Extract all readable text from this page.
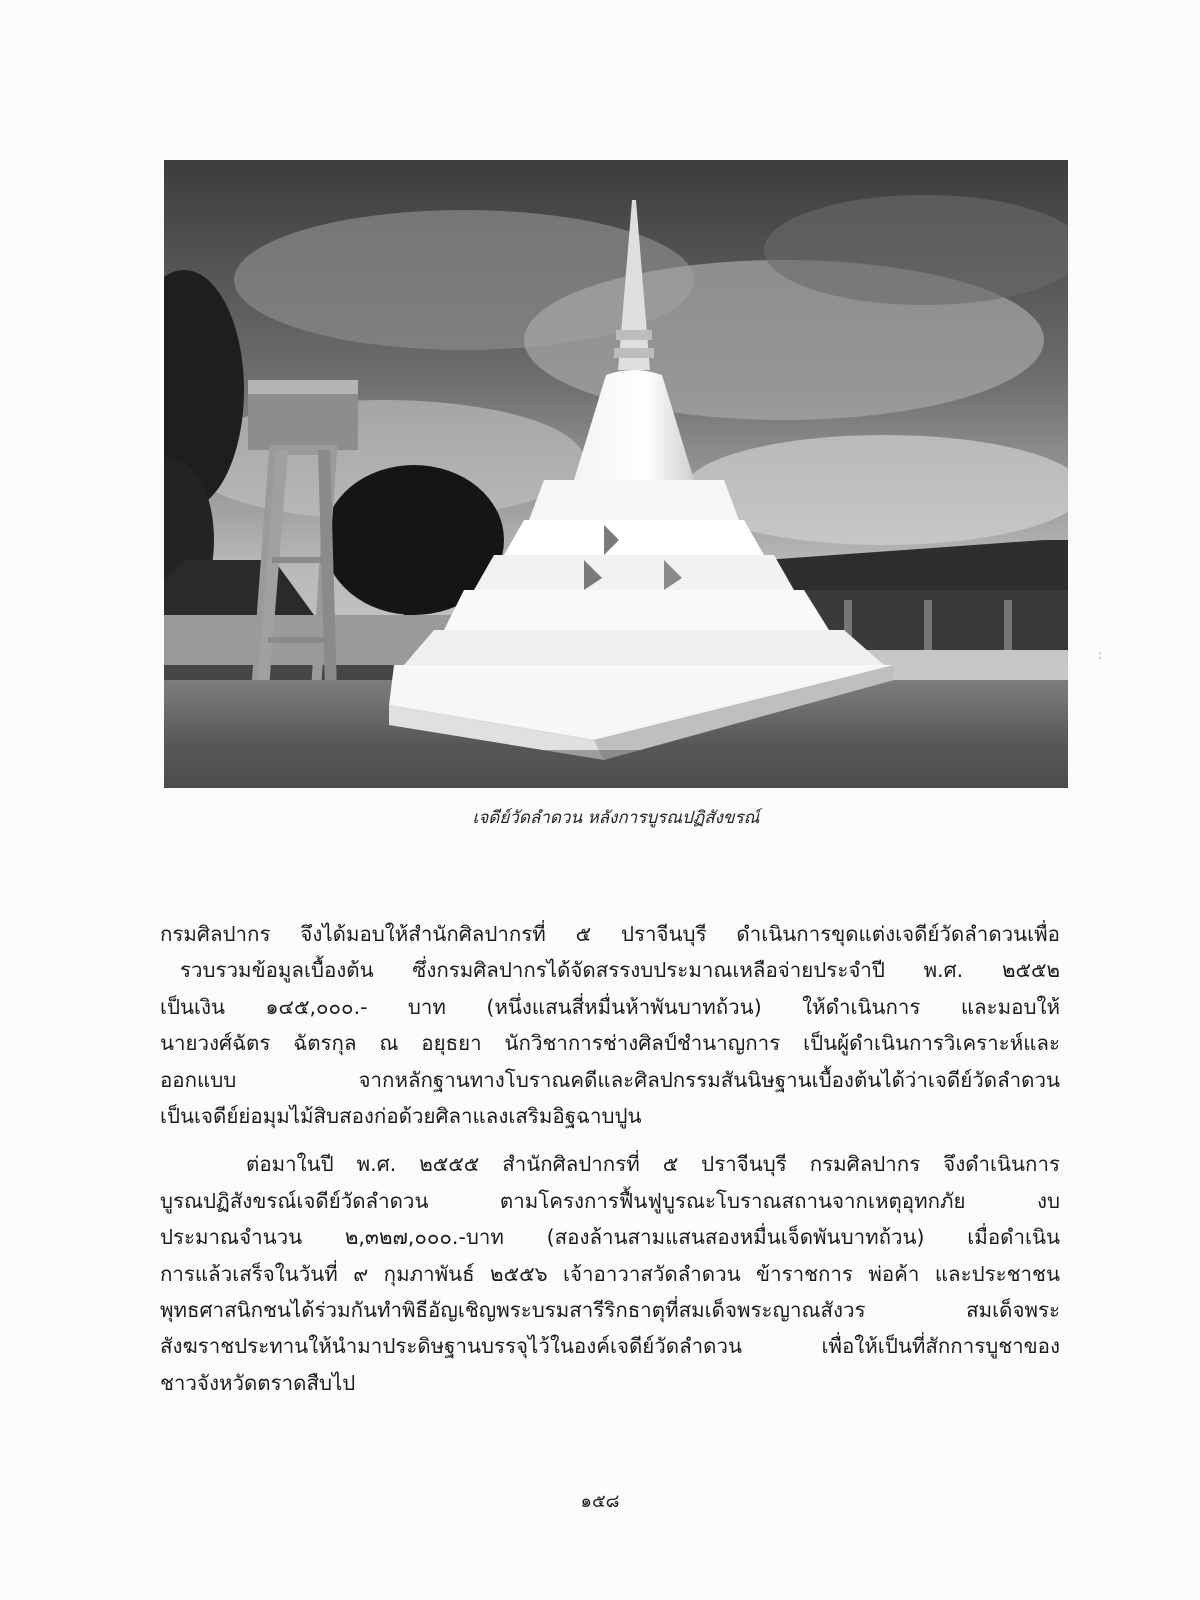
เจดีย์วัดลำดวน หลังการบูรณปฏิสังขรณ์
กรมศิลปากร จึงได้มอบให้สำนักศิลปากรที่ ๕ ปราจีนบุรี ดำเนินการขุดแต่งเจดีย์วัดลำดวนเพื่อ
รวบรวมข้อมูลเบื้องต้น ซึ่งกรมศิลปากรได้จัดสรรงบประมาณเหลือจ่ายประจำปี พ.ศ. ๒๕๕๒
เป็นเงิน ๑๔๕,๐๐๐.- บาท (หนึ่งแสนสี่หมื่นห้าพันบาทถ้วน) ให้ดำเนินการ และมอบให้
นายวงศ์ฉัตร ฉัตรกุล ณ อยุธยา นักวิชาการช่างศิลป์ชำนาญการ เป็นผู้ดำเนินการวิเคราะห์และ
ออกแบบ จากหลักฐานทางโบราณคดีและศิลปกรรมสันนิษฐานเบื้องต้นได้ว่าเจดีย์วัดลำดวน
เป็นเจดีย์ย่อมุมไม้สิบสองก่อด้วยศิลาแลงเสริมอิฐฉาบปูน
ต่อมาในปี พ.ศ. ๒๕๕๕ สำนักศิลปากรที่ ๕ ปราจีนบุรี กรมศิลปากร จึงดำเนินการ
บูรณปฏิสังขรณ์เจดีย์วัดลำดวน ตามโครงการฟื้นฟูบูรณะโบราณสถานจากเหตุอุทกภัย งบ
ประมาณจำนวน ๒,๓๒๗,๐๐๐.-บาท (สองล้านสามแสนสองหมื่นเจ็ดพันบาทถ้วน) เมื่อดำเนิน
การแล้วเสร็จในวันที่ ๙ กุมภาพันธ์ ๒๕๕๖ เจ้าอาวาสวัดลำดวน ข้าราชการ พ่อค้า และประชาชน
พุทธศาสนิกชนได้ร่วมกันทำพิธีอัญเชิญพระบรมสารีริกธาตุที่สมเด็จพระญาณสังวร สมเด็จพระ
สังฆราชประทานให้นำมาประดิษฐานบรรจุไว้ในองค์เจดีย์วัดลำดวน เพื่อให้เป็นที่สักการบูชาของ
ชาวจังหวัดตราดสืบไป
:
๑๕๘
